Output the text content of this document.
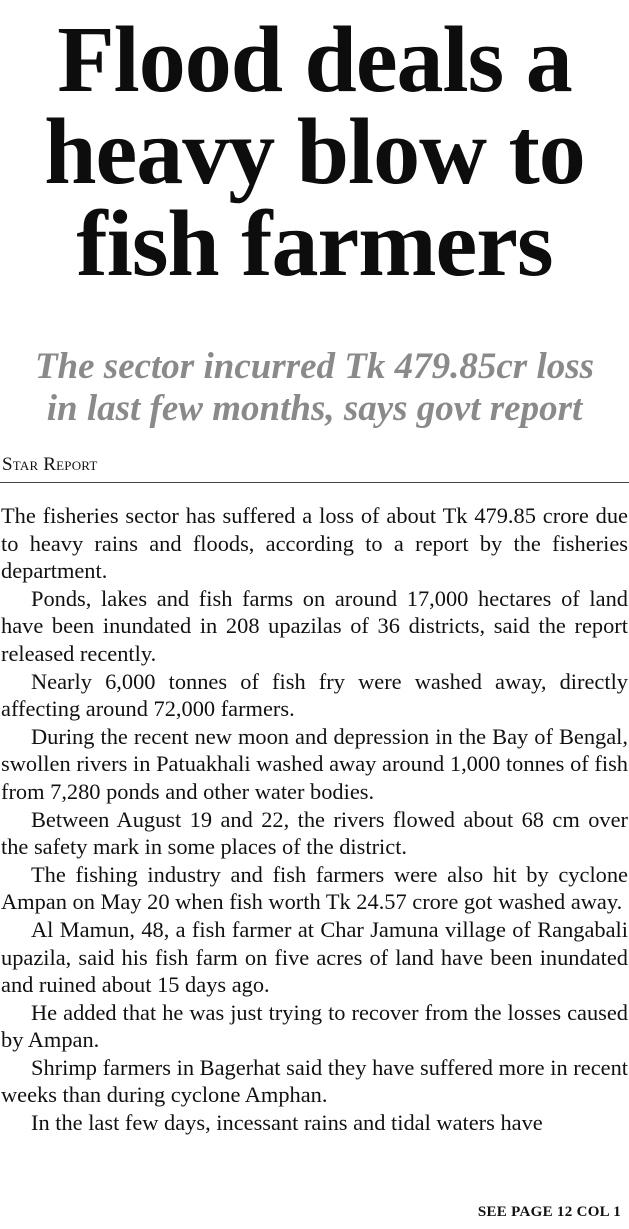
Flood deals a
heavy blow to
fish farmers
The sector incurred Tk 479.85cr loss
in last few months, says govt report
Star Report

The fisheries sector has suffered a loss of about Tk 479.85 crore due to heavy rains and floods, according to a report by the fisheries department.

Ponds, lakes and fish farms on around 17,000 hectares of land have been inundated in 208 upazilas of 36 districts, said the report released recently.

Nearly 6,000 tonnes of fish fry were washed away, directly affecting around 72,000 farmers.

During the recent new moon and depression in the Bay of Bengal, swollen rivers in Patuakhali washed away around 1,000 tonnes of fish from 7,280 ponds and other water bodies.

Between August 19 and 22, the rivers flowed about 68 cm over the safety mark in some places of the district.

The fishing industry and fish farmers were also hit by cyclone Ampan on May 20 when fish worth Tk 24.57 crore got washed away.

Al Mamun, 48, a fish farmer at Char Jamuna village of Rangabali upazila, said his fish farm on five acres of land have been inundated and ruined about 15 days ago.

He added that he was just trying to recover from the losses caused by Ampan.

Shrimp farmers in Bagerhat said they have suffered more in recent weeks than during cyclone Amphan.

In the last few days, incessant rains and tidal waters have

SEE PAGE 12 COL 1
